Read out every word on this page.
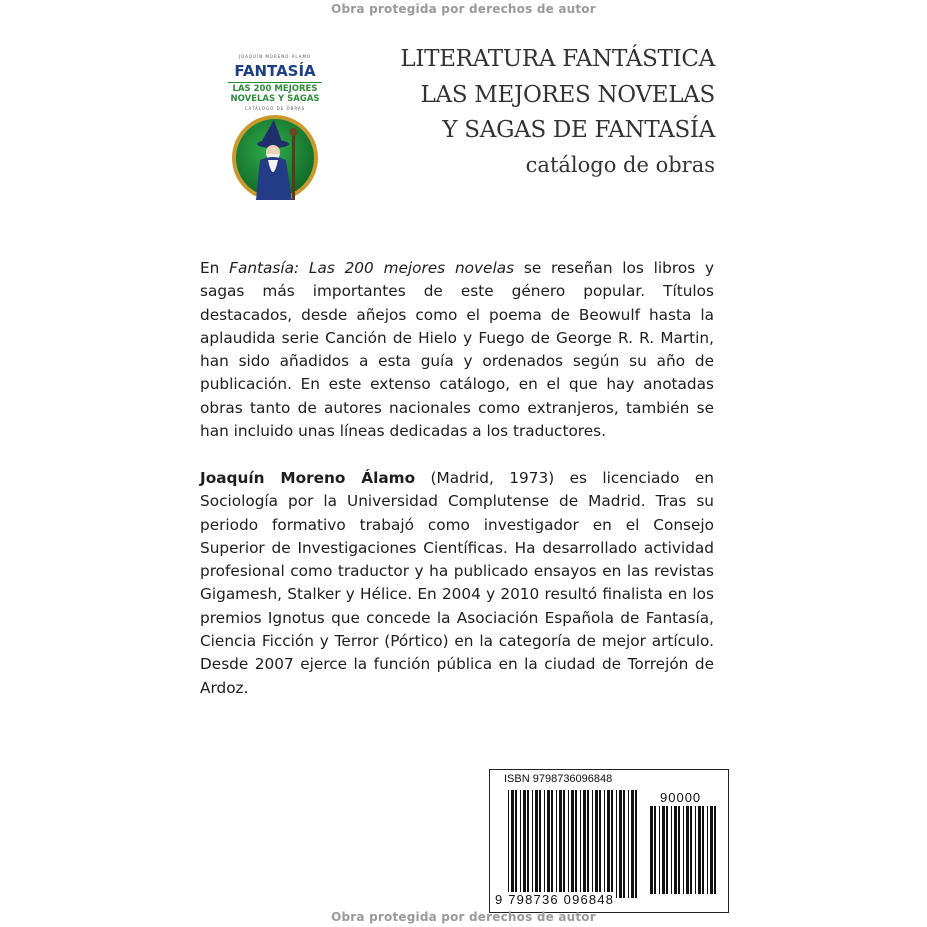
Obra protegida por derechos de autor
JOAQUÍN MORENO ÁLAMO
FANTASÍA
LAS 200 MEJORES
NOVELAS Y SAGAS
CATÁLOGO DE OBRAS
LITERATURA FANTÁSTICA
LAS MEJORES NOVELAS
Y SAGAS DE FANTASÍA
catálogo de obras
En Fantasía: Las 200 mejores novelas se reseñan los libros y sagas más importantes de este género popular. Títulos destacados, desde añejos como el poema de Beowulf hasta la aplaudida serie Canción de Hielo y Fuego de George R. R. Martin, han sido añadidos a esta guía y ordenados según su año de publicación. En este extenso catálogo, en el que hay anotadas obras tanto de autores nacionales como extranjeros, también se han incluido unas líneas dedicadas a los traductores.
Joaquín Moreno Álamo (Madrid, 1973) es licenciado en Sociología por la Universidad Complutense de Madrid. Tras su periodo formativo trabajó como investigador en el Consejo Superior de Investigaciones Científicas. Ha desarrollado actividad profesional como traductor y ha publicado ensayos en las revistas Gigamesh, Stalker y Hélice. En 2004 y 2010 resultó finalista en los premios Ignotus que concede la Asociación Española de Fantasía, Ciencia Ficción y Terror (Pórtico) en la categoría de mejor artículo. Desde 2007 ejerce la función pública en la ciudad de Torrejón de Ardoz.
ISBN 9798736096848
90000
9 798736 096848
Obra protegida por derechos de autor
